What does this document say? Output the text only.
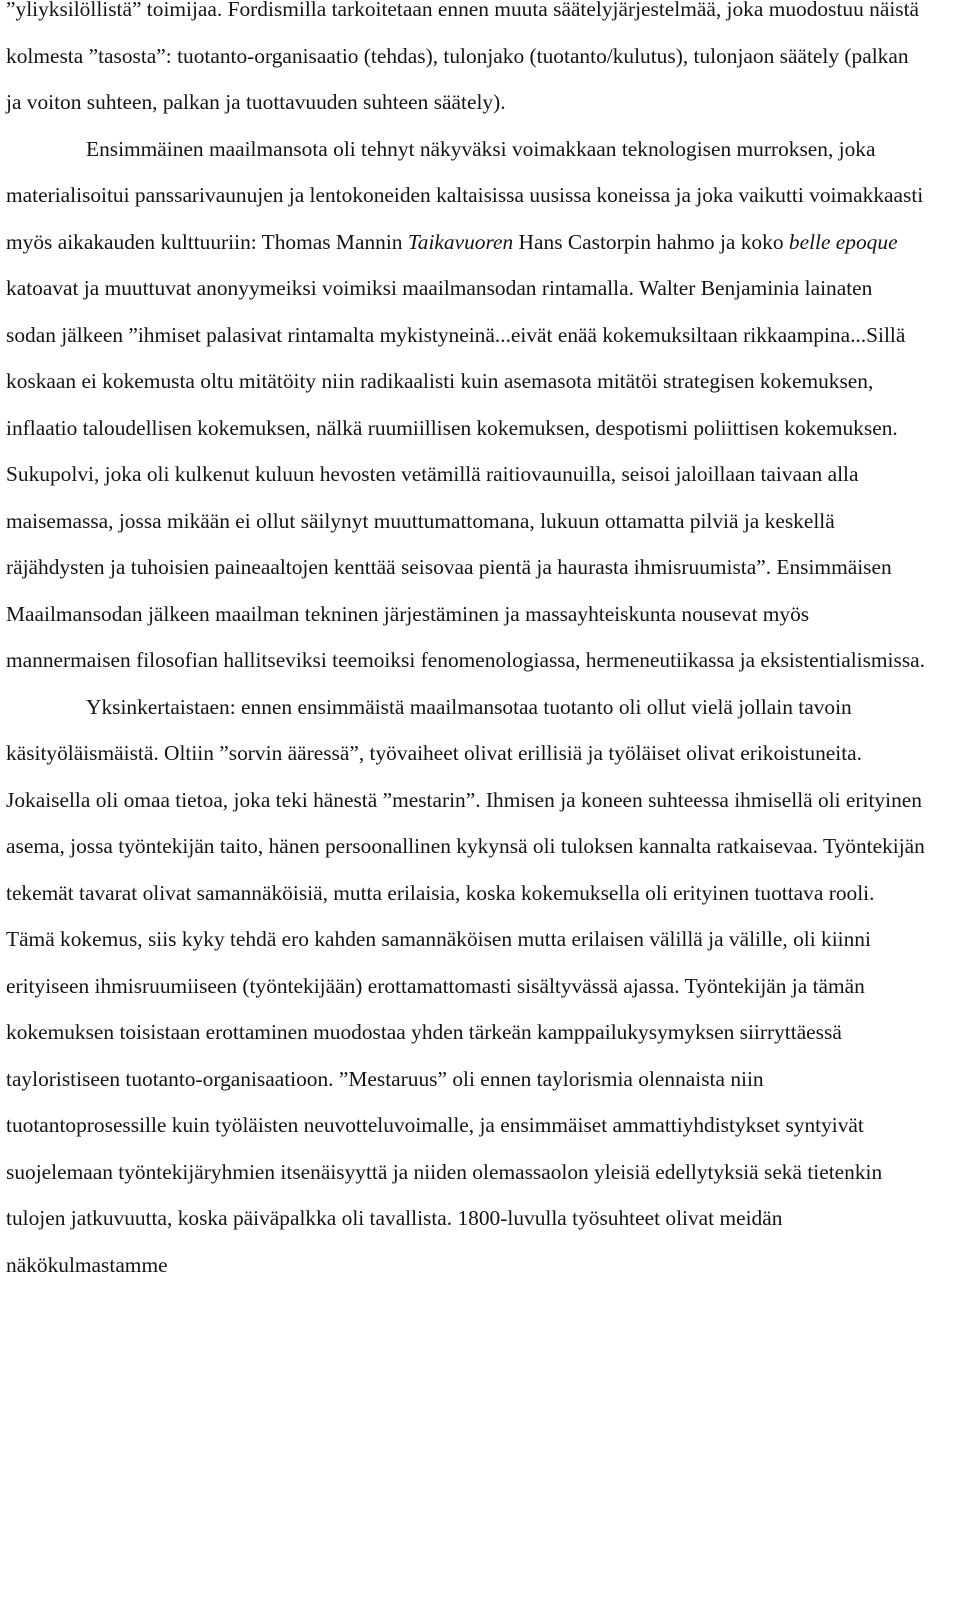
”yliyksilöllistä” toimijaa. Fordismilla tarkoitetaan ennen muuta säätelyjärjestelmää, joka muodostuu näistä kolmesta ”tasosta”: tuotanto-organisaatio (tehdas), tulonjako (tuotanto/kulutus), tulonjaon säätely (palkan ja voiton suhteen, palkan ja tuottavuuden suhteen säätely).

Ensimmäinen maailmansota oli tehnyt näkyväksi voimakkaan teknologisen murroksen, joka materialisoitui panssarivaunujen ja lentokoneiden kaltaisissa uusissa koneissa ja joka vaikutti voimakkaasti myös aikakauden kulttuuriin: Thomas Mannin Taikavuoren Hans Castorpin hahmo ja koko belle epoque katoavat ja muuttuvat anonyymeiksi voimiksi maailmansodan rintamalla. Walter Benjaminia lainaten sodan jälkeen ”ihmiset palasivat rintamalta mykistyneinä...eivät enää kokemuksiltaan rikkaampina...Sillä koskaan ei kokemusta oltu mitätöity niin radikaalisti kuin asemasota mitätöi strategisen kokemuksen, inflaatio taloudellisen kokemuksen, nälkä ruumiillisen kokemuksen, despotismi poliittisen kokemuksen. Sukupolvi, joka oli kulkenut kuluun hevosten vetämillä raitiovaunuilla, seisoi jaloillaan taivaan alla maisemassa, jossa mikään ei ollut säilynyt muuttumattomana, lukuun ottamatta pilviä ja keskellä räjähdysten ja tuhoisien paineaaltojen kenttää seisovaa pientä ja haurasta ihmisruumista”. Ensimmäisen Maailmansodan jälkeen maailman tekninen järjestäminen ja massayhteiskunta nousevat myös mannermaisen filosofian hallitseviksi teemoiksi fenomenologiassa, hermeneutiikassa ja eksistentialismissa.

Yksinkertaistaen: ennen ensimmäistä maailmansotaa tuotanto oli ollut vielä jollain tavoin käsityöläismäistä. Oltiin ”sorvin ääressä”, työvaiheet olivat erillisiä ja työläiset olivat erikoistuneita. Jokaisella oli omaa tietoa, joka teki hänestä ”mestarin”. Ihmisen ja koneen suhteessa ihmisellä oli erityinen asema, jossa työntekijän taito, hänen persoonallinen kykynsä oli tuloksen kannalta ratkaisevaa. Työntekijän tekemät tavarat olivat samannäköisiä, mutta erilaisia, koska kokemuksella oli erityinen tuottava rooli. Tämä kokemus, siis kyky tehdä ero kahden samannäköisen mutta erilaisen välillä ja välille, oli kiinni erityiseen ihmisruumiiseen (työntekijään) erottamattomasti sisältyvässä ajassa. Työntekijän ja tämän kokemuksen toisistaan erottaminen muodostaa yhden tärkeän kamppailukysymyksen siirryttäessä tayloristiseen tuotanto-organisaatioon. ”Mestaruus” oli ennen taylorismia olennaista niin tuotantoprosessille kuin työläisten neuvotteluvoimalle, ja ensimmäiset ammattiyhdistykset syntyivät suojelemaan työntekijäryhmien itsenäisyyttä ja niiden olemassaolon yleisiä edellytyksiä sekä tietenkin tulojen jatkuvuutta, koska päiväpalkka oli tavallista. 1800-luvulla työsuhteet olivat meidän näkökulmastamme
